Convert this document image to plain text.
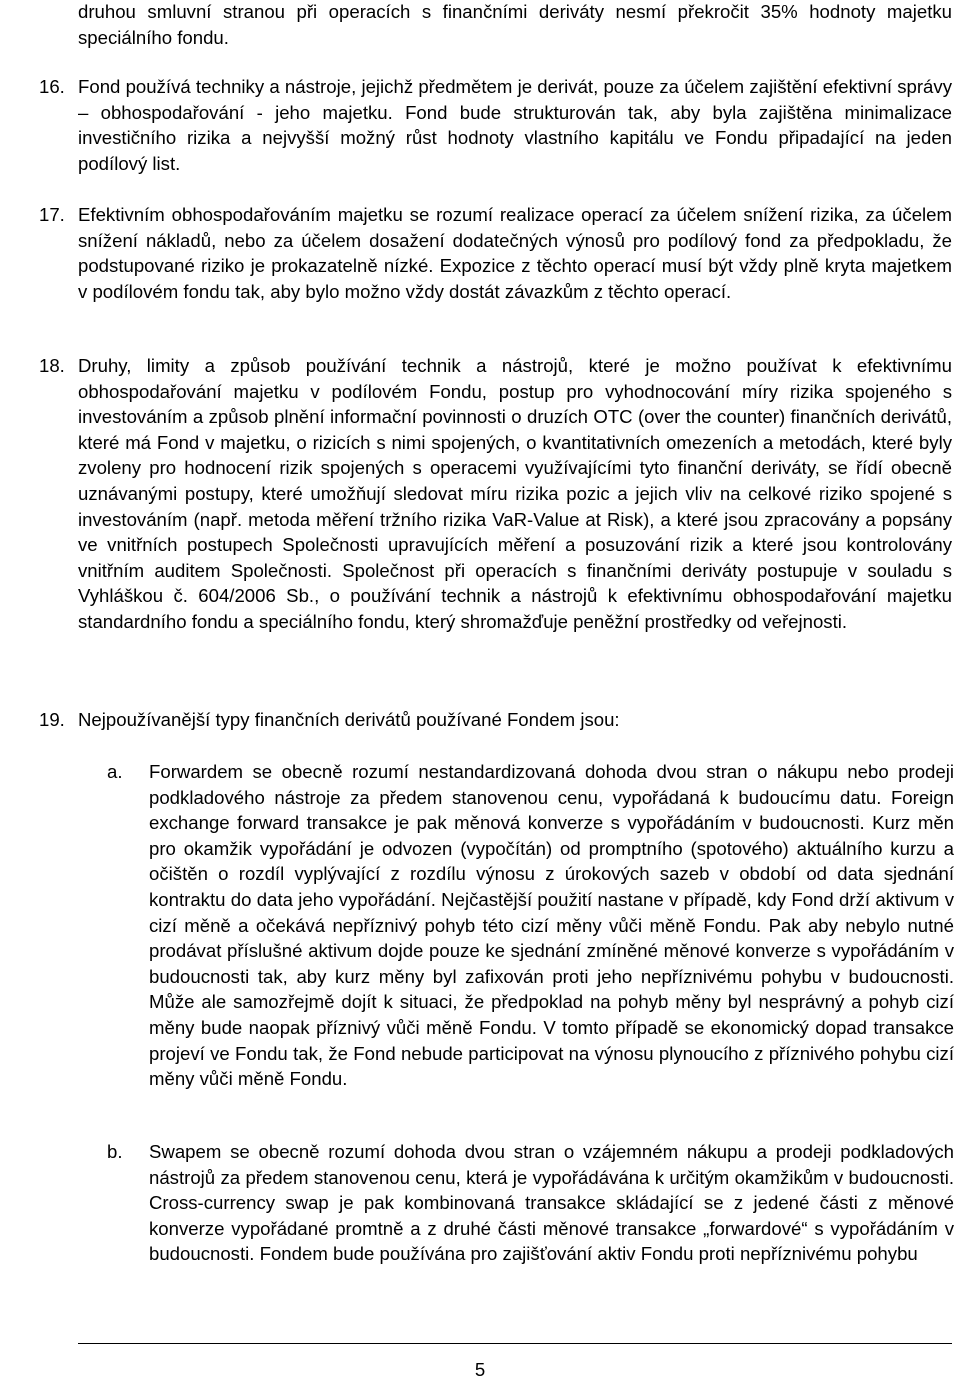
druhou smluvní stranou při operacích s finančními deriváty nesmí překročit 35% hodnoty majetku speciálního fondu.

16. Fond používá techniky a nástroje, jejichž předmětem je derivát, pouze za účelem zajištění efektivní správy – obhospodařování - jeho majetku. Fond bude strukturován tak, aby byla zajištěna minimalizace investičního rizika a nejvyšší možný růst hodnoty vlastního kapitálu ve Fondu připadající na jeden podílový list.

17. Efektivním obhospodařováním majetku se rozumí realizace operací za účelem snížení rizika, za účelem snížení nákladů, nebo za účelem dosažení dodatečných výnosů pro podílový fond za předpokladu, že podstupované riziko je prokazatelně nízké. Expozice z těchto operací musí být vždy plně kryta majetkem v podílovém fondu tak, aby bylo možno vždy dostát závazkům z těchto operací.

18. Druhy, limity a způsob používání technik a nástrojů, které je možno používat k efektivnímu obhospodařování majetku v podílovém Fondu, postup pro vyhodnocování míry rizika spojeného s investováním a způsob plnění informační povinnosti o druzích OTC (over the counter) finančních derivátů, které má Fond v majetku, o rizicích s nimi spojených, o kvantitativních omezeních a metodách, které byly zvoleny pro hodnocení rizik spojených s operacemi využívajícími tyto finanční deriváty, se řídí obecně uznávanými postupy, které umožňují sledovat míru rizika pozic a jejich vliv na celkové riziko spojené s investováním (např. metoda měření tržního rizika VaR-Value at Risk), a které jsou zpracovány a popsány ve vnitřních postupech Společnosti upravujících měření a posuzování rizik a které jsou kontrolovány vnitřním auditem Společnosti. Společnost při operacích s finančními deriváty postupuje v souladu s Vyhláškou č. 604/2006 Sb., o používání technik a nástrojů k efektivnímu obhospodařování majetku standardního fondu a speciálního fondu, který shromažďuje peněžní prostředky od veřejnosti.

19. Nejpoužívanější typy finančních derivátů používané Fondem jsou:

a. Forwardem se obecně rozumí nestandardizovaná dohoda dvou stran o nákupu nebo prodeji podkladového nástroje za předem stanovenou cenu, vypořádaná k budoucímu datu. Foreign exchange forward transakce je pak měnová konverze s vypořádáním v budoucnosti. Kurz měn pro okamžik vypořádání je odvozen (vypočítán) od promptního (spotového) aktuálního kurzu a očištěn o rozdíl vyplývající z rozdílu výnosu z úrokových sazeb v období od data sjednání kontraktu do data jeho vypořádání. Nejčastější použití nastane v případě, kdy Fond drží aktivum v cizí měně a očekává nepříznivý pohyb této cizí měny vůči měně Fondu. Pak aby nebylo nutné prodávat příslušné aktivum dojde pouze ke sjednání zmíněné měnové konverze s vypořádáním v budoucnosti tak, aby kurz měny byl zafixován proti jeho nepříznivému pohybu v budoucnosti. Může ale samozřejmě dojít k situaci, že předpoklad na pohyb měny byl nesprávný a pohyb cizí měny bude naopak příznivý vůči měně Fondu. V tomto případě se ekonomický dopad transakce projeví ve Fondu tak, že Fond nebude participovat na výnosu plynoucího z příznivého pohybu cizí měny vůči měně Fondu.

b. Swapem se obecně rozumí dohoda dvou stran o vzájemném nákupu a prodeji podkladových nástrojů za předem stanovenou cenu, která je vypořádávána k určitým okamžikům v budoucnosti. Cross-currency swap je pak kombinovaná transakce skládající se z jedené části z měnové konverze vypořádané promtně a z druhé části měnové transakce „forwardové“ s vypořádáním v budoucnosti. Fondem bude používána pro zajišťování aktiv Fondu proti nepříznivému pohybu

5
